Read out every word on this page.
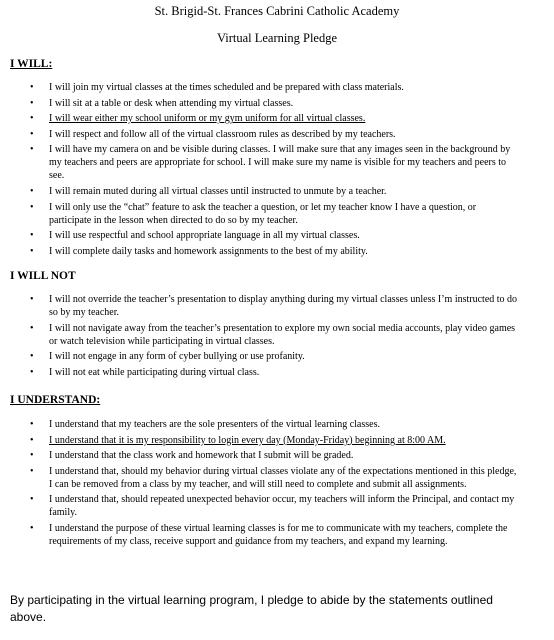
St. Brigid-St. Frances Cabrini Catholic Academy
Virtual Learning Pledge
I WILL:
• I will join my virtual classes at the times scheduled and be prepared with class materials.
• I will sit at a table or desk when attending my virtual classes.
• I will wear either my school uniform or my gym uniform for all virtual classes.
• I will respect and follow all of the virtual classroom rules as described by my teachers.
• I will have my camera on and be visible during classes. I will make sure that any images seen in the background by my teachers and peers are appropriate for school. I will make sure my name is visible for my teachers and peers to see.
• I will remain muted during all virtual classes until instructed to unmute by a teacher.
• I will only use the “chat” feature to ask the teacher a question, or let my teacher know I have a question, or participate in the lesson when directed to do so by my teacher.
• I will use respectful and school appropriate language in all my virtual classes.
• I will complete daily tasks and homework assignments to the best of my ability.
I WILL NOT
• I will not override the teacher’s presentation to display anything during my virtual classes unless I’m instructed to do so by my teacher.
• I will not navigate away from the teacher’s presentation to explore my own social media accounts, play video games or watch television while participating in virtual classes.
• I will not engage in any form of cyber bullying or use profanity.
• I will not eat while participating during virtual class.
I UNDERSTAND:
• I understand that my teachers are the sole presenters of the virtual learning classes.
• I understand that it is my responsibility to login every day (Monday-Friday) beginning at 8:00 AM.
• I understand that the class work and homework that I submit will be graded.
• I understand that, should my behavior during virtual classes violate any of the expectations mentioned in this pledge, I can be removed from a class by my teacher, and will still need to complete and submit all assignments.
• I understand that, should repeated unexpected behavior occur, my teachers will inform the Principal, and contact my family.
• I understand the purpose of these virtual learning classes is for me to communicate with my teachers, complete the requirements of my class, receive support and guidance from my teachers, and expand my learning.
By participating in the virtual learning program, I pledge to abide by the statements outlined above.
